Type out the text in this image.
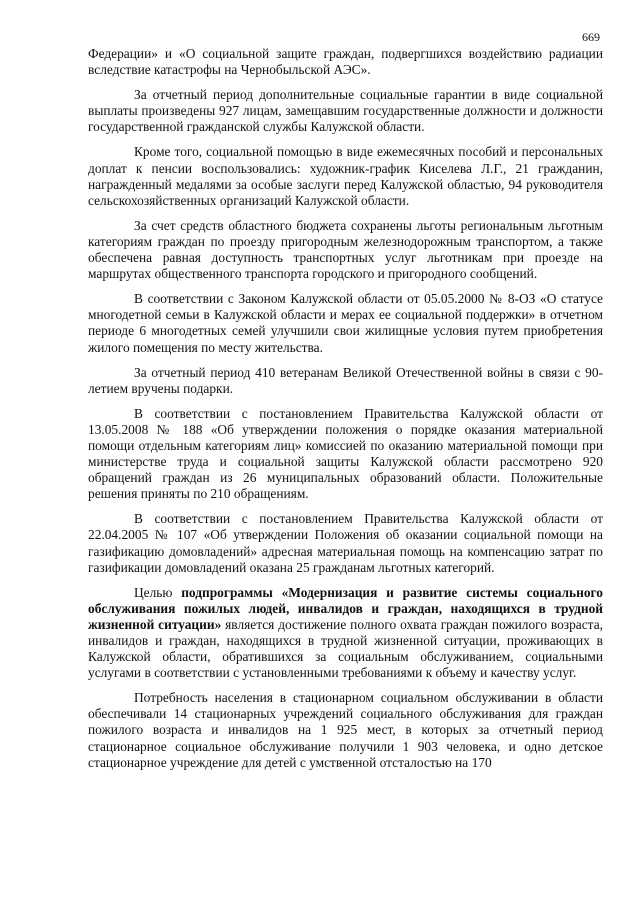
669

Федерации» и «О социальной защите граждан, подвергшихся воздействию радиации вследствие катастрофы на Чернобыльской АЭС».

За отчетный период дополнительные социальные гарантии в виде социальной выплаты произведены 927 лицам, замещавшим государственные должности и должности государственной гражданской службы Калужской области.

Кроме того, социальной помощью в виде ежемесячных пособий и персональных доплат к пенсии воспользовались: художник-график Киселева Л.Г., 21 гражданин, награжденный медалями за особые заслуги перед Калужской областью, 94 руководителя сельскохозяйственных организаций Калужской области.

За счет средств областного бюджета сохранены льготы региональным льготным категориям граждан по проезду пригородным железнодорожным транспортом, а также обеспечена равная доступность транспортных услуг льготникам при проезде на маршрутах общественного транспорта городского и пригородного сообщений.

В соответствии с Законом Калужской области от 05.05.2000 № 8-ОЗ «О статусе многодетной семьи в Калужской области и мерах ее социальной поддержки» в отчетном периоде 6 многодетных семей улучшили свои жилищные условия путем приобретения жилого помещения по месту жительства.

За отчетный период 410 ветеранам Великой Отечественной войны в связи с 90-летием вручены подарки.

В соответствии с постановлением Правительства Калужской области от 13.05.2008 № 188 «Об утверждении положения о порядке оказания материальной помощи отдельным категориям лиц» комиссией по оказанию материальной помощи при министерстве труда и социальной защиты Калужской области рассмотрено 920 обращений граждан из 26 муниципальных образований области. Положительные решения приняты по 210 обращениям.

В соответствии с постановлением Правительства Калужской области от 22.04.2005 № 107 «Об утверждении Положения об оказании социальной помощи на газификацию домовладений» адресная материальная помощь на компенсацию затрат по газификации домовладений оказана 25 гражданам льготных категорий.

Целью подпрограммы «Модернизация и развитие системы социального обслуживания пожилых людей, инвалидов и граждан, находящихся в трудной жизненной ситуации» является достижение полного охвата граждан пожилого возраста, инвалидов и граждан, находящихся в трудной жизненной ситуации, проживающих в Калужской области, обратившихся за социальным обслуживанием, социальными услугами в соответствии с установленными требованиями к объему и качеству услуг.

Потребность населения в стационарном социальном обслуживании в области обеспечивали 14 стационарных учреждений социального обслуживания для граждан пожилого возраста и инвалидов на 1 925 мест, в которых за отчетный период стационарное социальное обслуживание получили 1 903 человека, и одно детское стационарное учреждение для детей с умственной отсталостью на 170
